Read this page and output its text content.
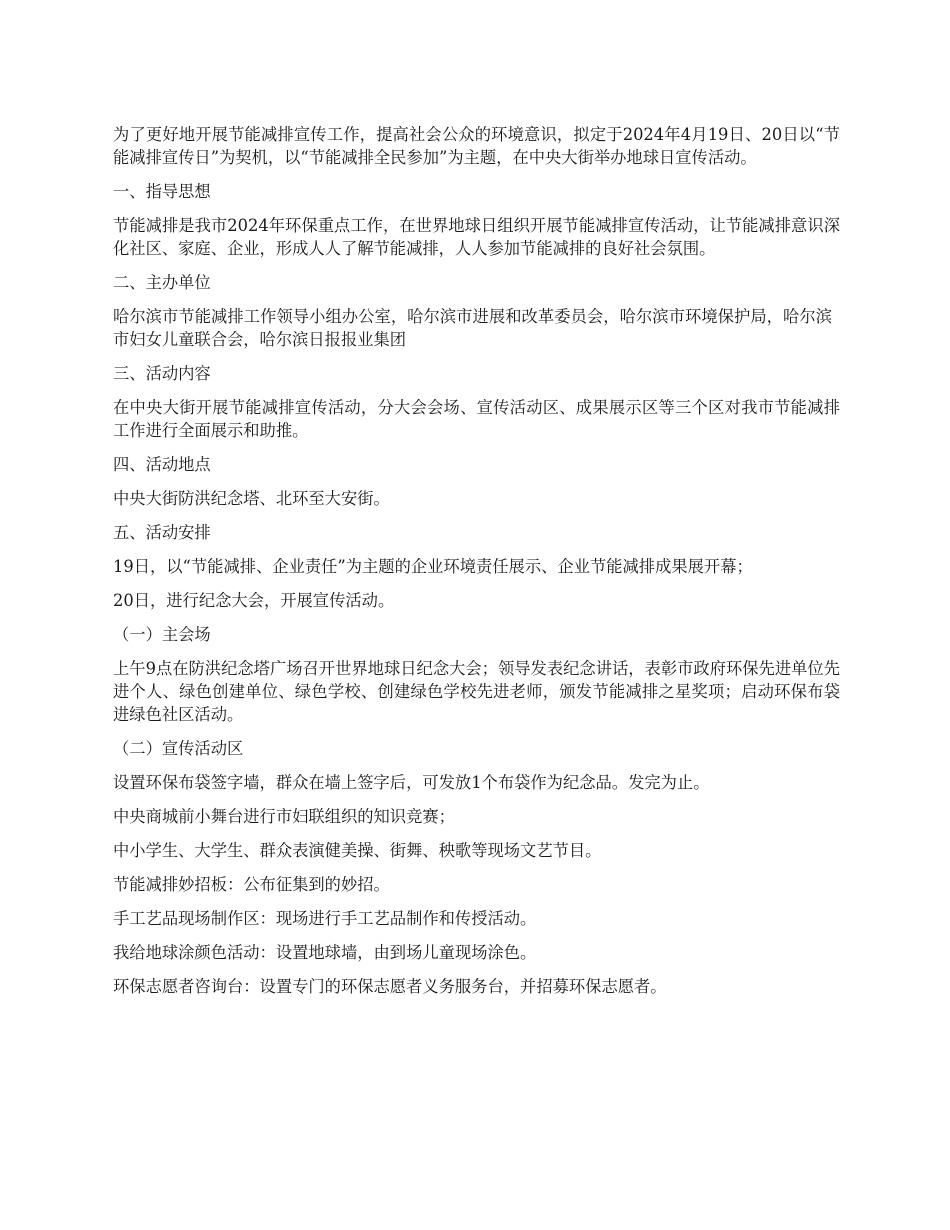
为了更好地开展节能减排宣传工作，提高社会公众的环境意识，拟定于2024年4月19日、20日以“节能减排宣传日”为契机，以“节能减排全民参加”为主题，在中央大街举办地球日宣传活动。

一、指导思想

节能减排是我市2024年环保重点工作，在世界地球日组织开展节能减排宣传活动，让节能减排意识深化社区、家庭、企业，形成人人了解节能减排，人人参加节能减排的良好社会氛围。

二、主办单位

哈尔滨市节能减排工作领导小组办公室，哈尔滨市进展和改革委员会，哈尔滨市环境保护局，哈尔滨市妇女儿童联合会，哈尔滨日报报业集团

三、活动内容

在中央大街开展节能减排宣传活动，分大会会场、宣传活动区、成果展示区等三个区对我市节能减排工作进行全面展示和助推。

四、活动地点

中央大街防洪纪念塔、北环至大安街。

五、活动安排

19日，以“节能减排、企业责任”为主题的企业环境责任展示、企业节能减排成果展开幕；

20日，进行纪念大会，开展宣传活动。

（一）主会场

上午9点在防洪纪念塔广场召开世界地球日纪念大会；领导发表纪念讲话，表彰市政府环保先进单位先进个人、绿色创建单位、绿色学校、创建绿色学校先进老师，颁发节能减排之星奖项；启动环保布袋进绿色社区活动。

（二）宣传活动区

设置环保布袋签字墙，群众在墙上签字后，可发放1个布袋作为纪念品。发完为止。

中央商城前小舞台进行市妇联组织的知识竞赛；

中小学生、大学生、群众表演健美操、街舞、秧歌等现场文艺节目。

节能减排妙招板：公布征集到的妙招。

手工艺品现场制作区：现场进行手工艺品制作和传授活动。

我给地球涂颜色活动：设置地球墙，由到场儿童现场涂色。

环保志愿者咨询台：设置专门的环保志愿者义务服务台，并招募环保志愿者。
